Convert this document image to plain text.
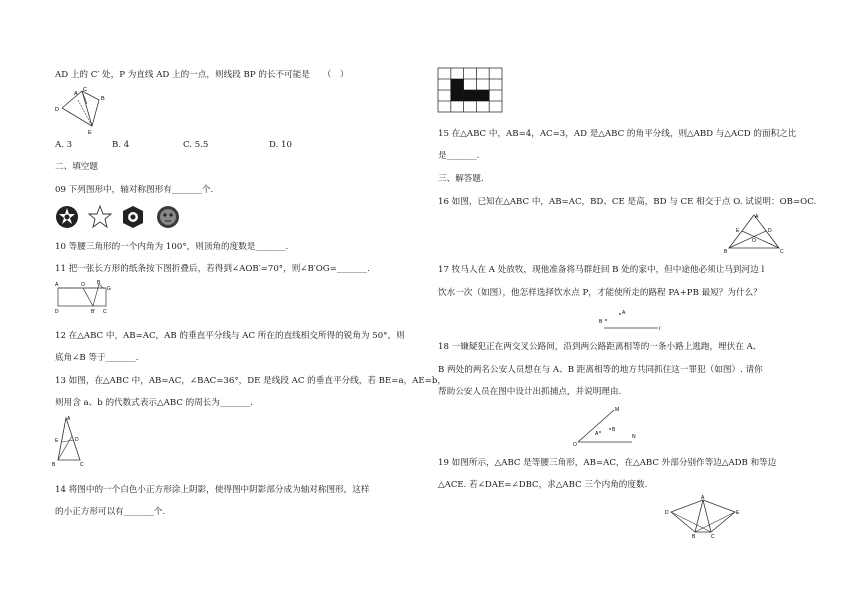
AD 上的 C′ 处，P 为直线 AD 上的一点，则线段 BP 的长不可能是　　（　）
A
B
C
D
E
A. 3	B. 4	C. 5.5	D. 10
二、填空题
09 下列图形中，轴对称图形有_______个.
10 等腰三角形的一个内角为 100°，则顶角的度数是_______.
11 把一张长方形的纸条按下图折叠后，若得到∠AOB′=70°，则∠B′OG=_______.
A	B
O
G
D	C
B′
12 在△ABC 中，AB=AC，AB 的垂直平分线与 AC 所在的直线相交所得的锐角为 50°，则
底角∠B 等于_______.
13 如图，在△ABC 中，AB=AC，∠BAC=36°，DE 是线段 AC 的垂直平分线，若 BE=a，AE=b，
则用含 a、b 的代数式表示△ABC 的周长为_______.
A
D
E
B	C
14 将图中的一个白色小正方形涂上阴影，使得图中阴影部分成为轴对称图形，这样
的小正方形可以有_______个.
15 在△ABC 中，AB=4，AC=3，AD 是△ABC 的角平分线，则△ABD 与△ACD 的面积之比
是_______.
三、解答题.
16 如图，已知在△ABC 中，AB=AC，BD、CE 是高，BD 与 CE 相交于点 O. 试说明：OB=OC.
A
E	D
O
B	C
17 牧马人在 A 处放牧，现他准备将马群赶回 B 处的家中，但中途他必须让马到河边 l
饮水一次（如图），他怎样选择饮水点 P，才能使所走的路程 PA+PB 最短？为什么？
B
A
l
18 一嫌疑犯正在两交叉公路间，沿到两公路距离相等的一条小路上逃跑，埋伏在 A、
B 两处的两名公安人员想在与 A、B 距离相等的地方共同抓住这一罪犯（如图）. 请你
帮助公安人员在图中设计出抓捕点，并说明理由.
M
A
B
N
O
19 如图所示，△ABC 是等腰三角形，AB=AC，在△ABC 外部分别作等边△ADB 和等边
△ACE. 若∠DAE=∠DBC，求△ABC 三个内角的度数.
A
D	E
B	C
